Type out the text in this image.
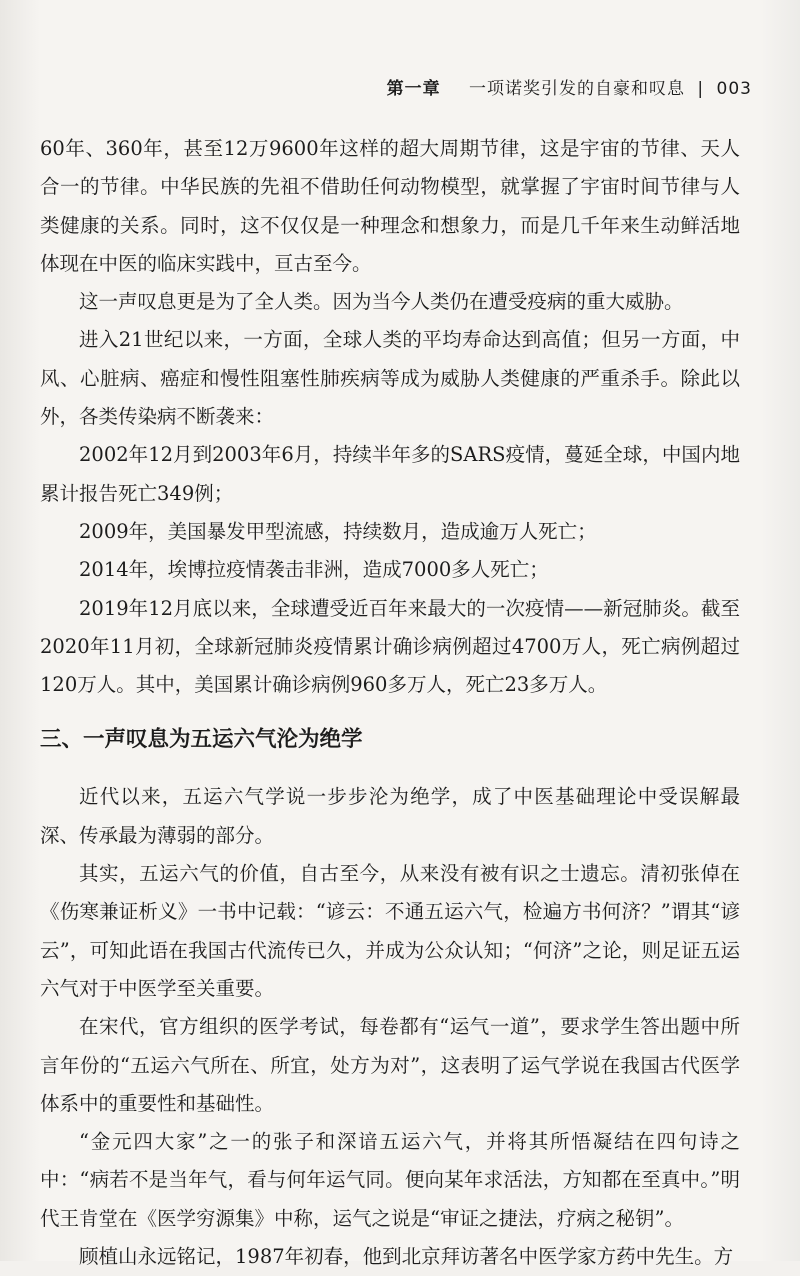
第一章 一项诺奖引发的自豪和叹息 | 003

60年、360年，甚至12万9600年这样的超大周期节律，这是宇宙的节律、天人合一的节律。中华民族的先祖不借助任何动物模型，就掌握了宇宙时间节律与人类健康的关系。同时，这不仅仅是一种理念和想象力，而是几千年来生动鲜活地体现在中医的临床实践中，亘古至今。

这一声叹息更是为了全人类。因为当今人类仍在遭受疫病的重大威胁。

进入21世纪以来，一方面，全球人类的平均寿命达到高值；但另一方面，中风、心脏病、癌症和慢性阻塞性肺疾病等成为威胁人类健康的严重杀手。除此以外，各类传染病不断袭来：

2002年12月到2003年6月，持续半年多的SARS疫情，蔓延全球，中国内地累计报告死亡349例；

2009年，美国暴发甲型流感，持续数月，造成逾万人死亡；

2014年，埃博拉疫情袭击非洲，造成7000多人死亡；

2019年12月底以来，全球遭受近百年来最大的一次疫情——新冠肺炎。截至2020年11月初，全球新冠肺炎疫情累计确诊病例超过4700万人，死亡病例超过120万人。其中，美国累计确诊病例960多万人，死亡23多万人。

三、一声叹息为五运六气沦为绝学

近代以来，五运六气学说一步步沦为绝学，成了中医基础理论中受误解最深、传承最为薄弱的部分。

其实，五运六气的价值，自古至今，从来没有被有识之士遗忘。清初张倬在《伤寒兼证析义》一书中记载：“谚云：不通五运六气，检遍方书何济？”谓其“谚云”，可知此语在我国古代流传已久，并成为公众认知；“何济”之论，则足证五运六气对于中医学至关重要。

在宋代，官方组织的医学考试，每卷都有“运气一道”，要求学生答出题中所言年份的“五运六气所在、所宜，处方为对”，这表明了运气学说在我国古代医学体系中的重要性和基础性。

“金元四大家”之一的张子和深谙五运六气，并将其所悟凝结在四句诗之中：“病若不是当年气，看与何年运气同。便向某年求活法，方知都在至真中。”明代王肯堂在《医学穷源集》中称，运气之说是“审证之捷法，疗病之秘钥”。

顾植山永远铭记，1987年初春，他到北京拜访著名中医学家方药中先生。方
